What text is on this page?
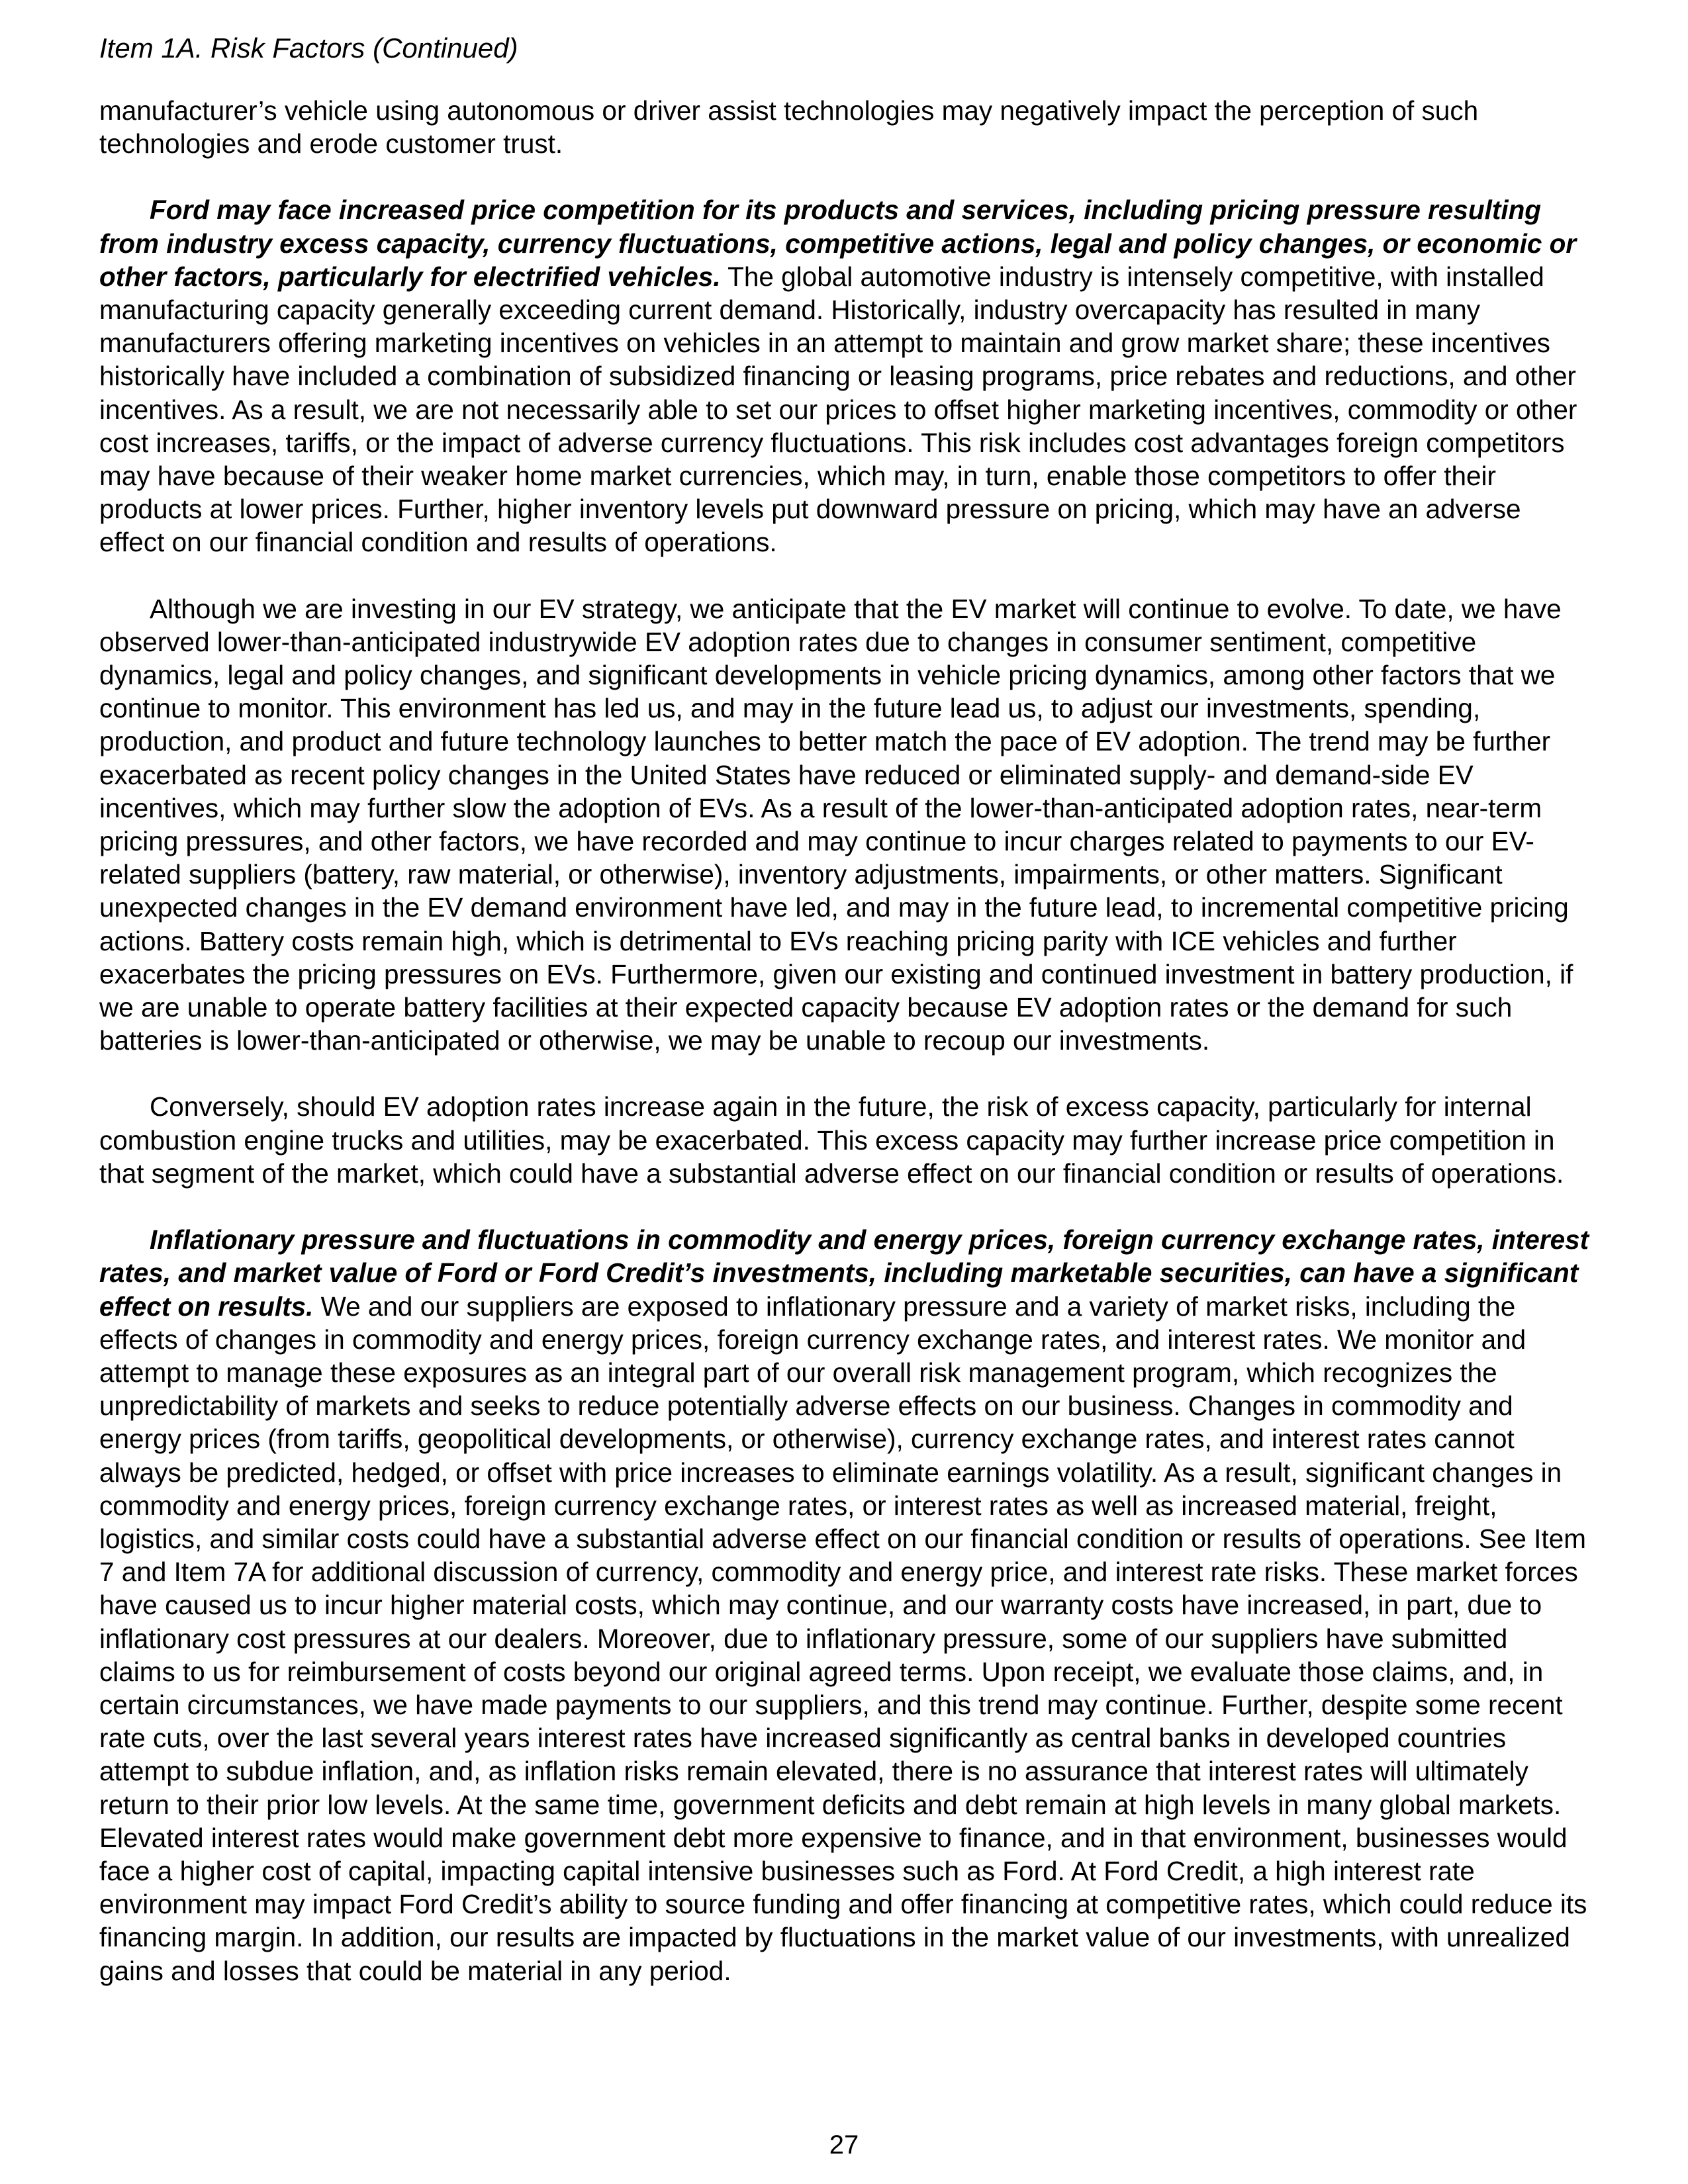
Item 1A. Risk Factors (Continued)

manufacturer’s vehicle using autonomous or driver assist technologies may negatively impact the perception of such technologies and erode customer trust.

Ford may face increased price competition for its products and services, including pricing pressure resulting from industry excess capacity, currency fluctuations, competitive actions, legal and policy changes, or economic or other factors, particularly for electrified vehicles. The global automotive industry is intensely competitive, with installed manufacturing capacity generally exceeding current demand. Historically, industry overcapacity has resulted in many manufacturers offering marketing incentives on vehicles in an attempt to maintain and grow market share; these incentives historically have included a combination of subsidized financing or leasing programs, price rebates and reductions, and other incentives. As a result, we are not necessarily able to set our prices to offset higher marketing incentives, commodity or other cost increases, tariffs, or the impact of adverse currency fluctuations. This risk includes cost advantages foreign competitors may have because of their weaker home market currencies, which may, in turn, enable those competitors to offer their products at lower prices. Further, higher inventory levels put downward pressure on pricing, which may have an adverse effect on our financial condition and results of operations.

Although we are investing in our EV strategy, we anticipate that the EV market will continue to evolve. To date, we have observed lower-than-anticipated industrywide EV adoption rates due to changes in consumer sentiment, competitive dynamics, legal and policy changes, and significant developments in vehicle pricing dynamics, among other factors that we continue to monitor. This environment has led us, and may in the future lead us, to adjust our investments, spending, production, and product and future technology launches to better match the pace of EV adoption. The trend may be further exacerbated as recent policy changes in the United States have reduced or eliminated supply- and demand-side EV incentives, which may further slow the adoption of EVs. As a result of the lower-than-anticipated adoption rates, near-term pricing pressures, and other factors, we have recorded and may continue to incur charges related to payments to our EV-related suppliers (battery, raw material, or otherwise), inventory adjustments, impairments, or other matters. Significant unexpected changes in the EV demand environment have led, and may in the future lead, to incremental competitive pricing actions. Battery costs remain high, which is detrimental to EVs reaching pricing parity with ICE vehicles and further exacerbates the pricing pressures on EVs. Furthermore, given our existing and continued investment in battery production, if we are unable to operate battery facilities at their expected capacity because EV adoption rates or the demand for such batteries is lower-than-anticipated or otherwise, we may be unable to recoup our investments.

Conversely, should EV adoption rates increase again in the future, the risk of excess capacity, particularly for internal combustion engine trucks and utilities, may be exacerbated. This excess capacity may further increase price competition in that segment of the market, which could have a substantial adverse effect on our financial condition or results of operations.

Inflationary pressure and fluctuations in commodity and energy prices, foreign currency exchange rates, interest rates, and market value of Ford or Ford Credit’s investments, including marketable securities, can have a significant effect on results. We and our suppliers are exposed to inflationary pressure and a variety of market risks, including the effects of changes in commodity and energy prices, foreign currency exchange rates, and interest rates. We monitor and attempt to manage these exposures as an integral part of our overall risk management program, which recognizes the unpredictability of markets and seeks to reduce potentially adverse effects on our business. Changes in commodity and energy prices (from tariffs, geopolitical developments, or otherwise), currency exchange rates, and interest rates cannot always be predicted, hedged, or offset with price increases to eliminate earnings volatility. As a result, significant changes in commodity and energy prices, foreign currency exchange rates, or interest rates as well as increased material, freight, logistics, and similar costs could have a substantial adverse effect on our financial condition or results of operations. See Item 7 and Item 7A for additional discussion of currency, commodity and energy price, and interest rate risks. These market forces have caused us to incur higher material costs, which may continue, and our warranty costs have increased, in part, due to inflationary cost pressures at our dealers. Moreover, due to inflationary pressure, some of our suppliers have submitted claims to us for reimbursement of costs beyond our original agreed terms. Upon receipt, we evaluate those claims, and, in certain circumstances, we have made payments to our suppliers, and this trend may continue. Further, despite some recent rate cuts, over the last several years interest rates have increased significantly as central banks in developed countries attempt to subdue inflation, and, as inflation risks remain elevated, there is no assurance that interest rates will ultimately return to their prior low levels. At the same time, government deficits and debt remain at high levels in many global markets. Elevated interest rates would make government debt more expensive to finance, and in that environment, businesses would face a higher cost of capital, impacting capital intensive businesses such as Ford. At Ford Credit, a high interest rate environment may impact Ford Credit’s ability to source funding and offer financing at competitive rates, which could reduce its financing margin. In addition, our results are impacted by fluctuations in the market value of our investments, with unrealized gains and losses that could be material in any period.

27
